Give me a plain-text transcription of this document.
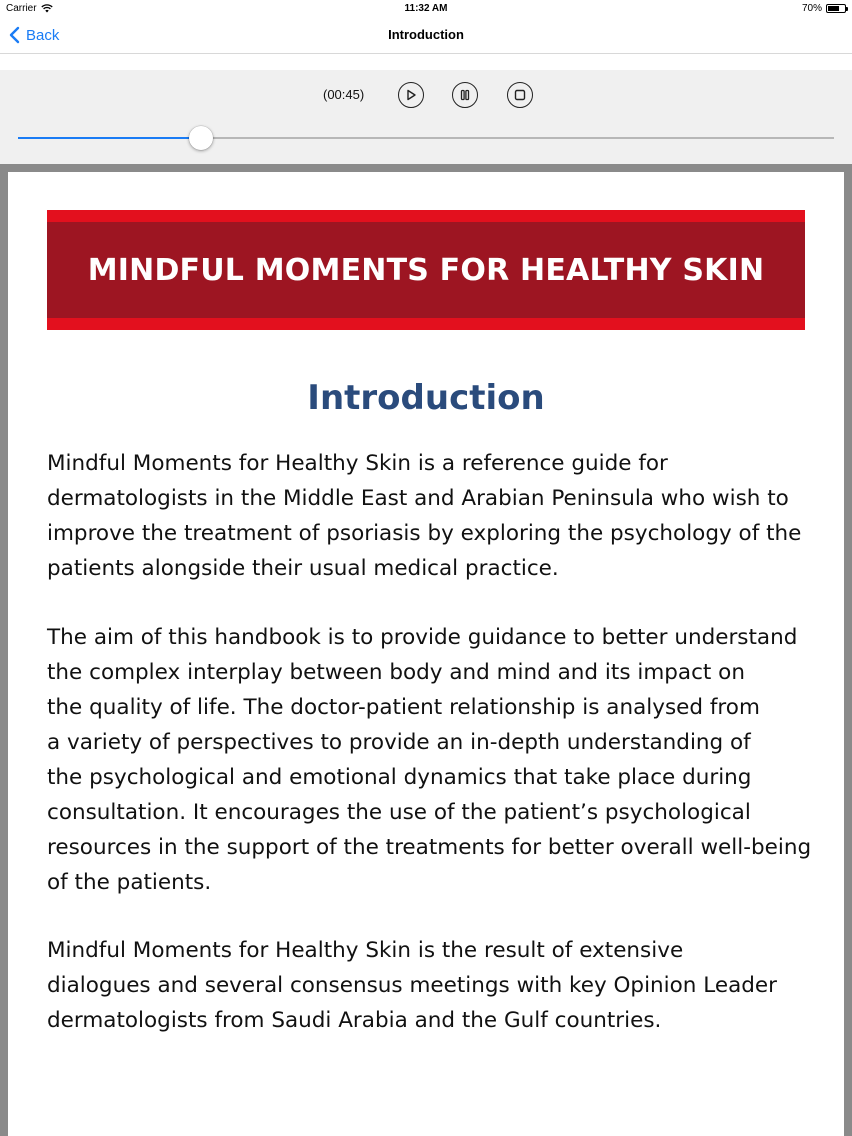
Carrier	11:32 AM	70%
Back	Introduction
(00:45)
MINDFUL MOMENTS FOR HEALTHY SKIN
Introduction
Mindful Moments for Healthy Skin is a reference guide for
dermatologists in the Middle East and Arabian Peninsula who wish to
improve the treatment of psoriasis by exploring the psychology of the
patients alongside their usual medical practice.
The aim of this handbook is to provide guidance to better understand
the complex interplay between body and mind and its impact on
the quality of life. The doctor-patient relationship is analysed from
a variety of perspectives to provide an in-depth understanding of
the psychological and emotional dynamics that take place during
consultation. It encourages the use of the patient’s psychological
resources in the support of the treatments for better overall well-being
of the patients.
Mindful Moments for Healthy Skin is the result of extensive
dialogues and several consensus meetings with key Opinion Leader
dermatologists from Saudi Arabia and the Gulf countries.
